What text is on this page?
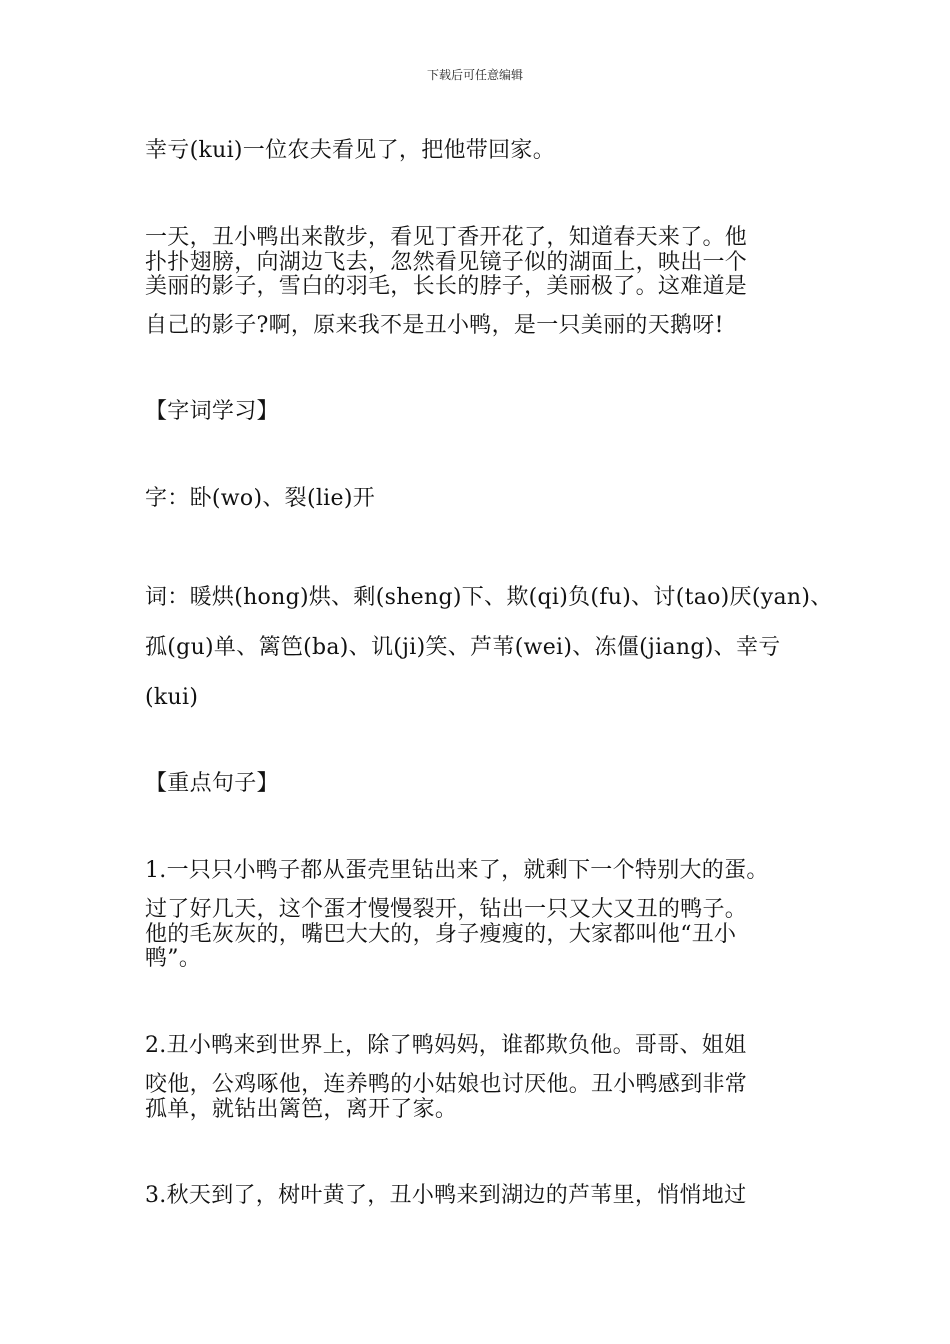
下载后可任意编辑
幸亏(kui)一位农夫看见了，把他带回家。
一天，丑小鸭出来散步，看见丁香开花了，知道春天来了。他
扑扑翅膀，向湖边飞去，忽然看见镜子似的湖面上，映出一个
美丽的影子，雪白的羽毛，长长的脖子，美丽极了。这难道是
自己的影子?啊，原来我不是丑小鸭，是一只美丽的天鹅呀!
【字词学习】
字：卧(wo)、裂(lie)开
词：暖烘(hong)烘、剩(sheng)下、欺(qi)负(fu)、讨(tao)厌(yan)、
孤(gu)单、篱笆(ba)、讥(ji)笑、芦苇(wei)、冻僵(jiang)、幸亏
(kui)
【重点句子】
1.一只只小鸭子都从蛋壳里钻出来了，就剩下一个特别大的蛋。
过了好几天，这个蛋才慢慢裂开，钻出一只又大又丑的鸭子。
他的毛灰灰的，嘴巴大大的，身子瘦瘦的，大家都叫他“丑小
鸭”。
2.丑小鸭来到世界上，除了鸭妈妈，谁都欺负他。哥哥、姐姐
咬他，公鸡啄他，连养鸭的小姑娘也讨厌他。丑小鸭感到非常
孤单，就钻出篱笆，离开了家。
3.秋天到了，树叶黄了，丑小鸭来到湖边的芦苇里，悄悄地过
